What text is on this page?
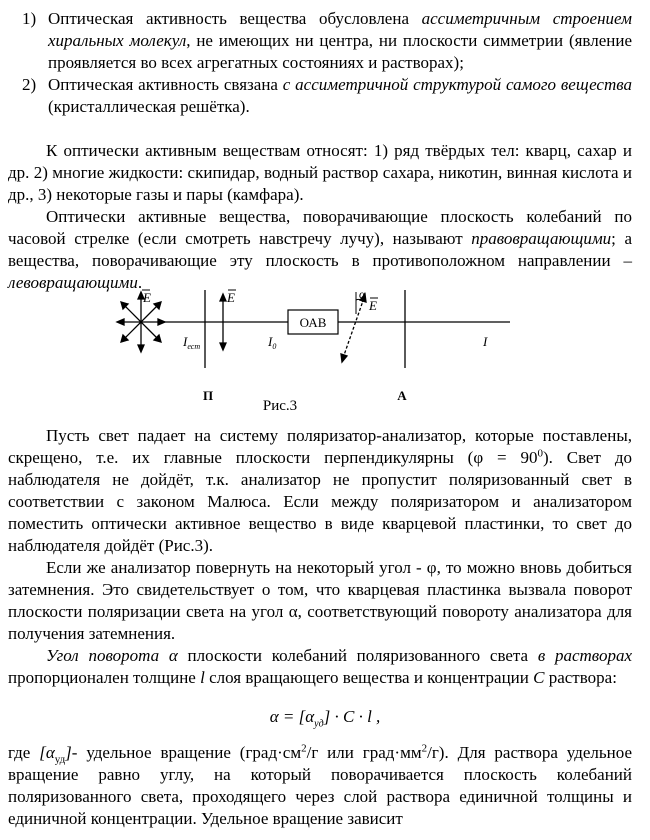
1) Оптическая активность вещества обусловлена ассиметричным строением хиральных молекул, не имеющих ни центра, ни плоскости симметрии (явление проявляется во всех агрегатных состояниях и растворах);
2) Оптическая активность связана с ассиметричной структурой самого вещества (кристаллическая решётка).

К оптически активным веществам относят: 1) ряд твёрдых тел: кварц, сахар и др. 2) многие жидкости: скипидар, водный раствор сахара, никотин, винная кислота и др., 3) некоторые газы и пары (камфара).

Оптически активные вещества, поворачивающие плоскость колебаний по часовой стрелке (если смотреть навстречу лучу), называют правовращающими; а вещества, поворачивающие эту плоскость в противоположном направлении – левовращающими.

E
$I_{ест}$
E
$I_0$
ОАВ
α
E
I
П	А
Рис.3

Пусть свет падает на систему поляризатор-анализатор, которые поставлены, скрещено, т.е. их главные плоскости перпендикулярны $(\varphi = 90^0)$. Свет до наблюдателя не дойдёт, т.к. анализатор не пропустит поляризованный свет в соответствии с законом Малюса. Если между поляризатором и анализатором поместить оптически активное вещество в виде кварцевой пластинки, то свет до наблюдателя дойдёт (Рис.3).

Если же анализатор повернуть на некоторый угол - φ, то можно вновь добиться затемнения. Это свидетельствует о том, что кварцевая пластинка вызвала поворот плоскости поляризации света на угол α, соответствующий повороту анализатора для получения затемнения.

Угол поворота α плоскости колебаний поляризованного света в растворах пропорционален толщине l слоя вращающего вещества и концентрации С раствора:

$\alpha = [\alpha_{уд}] \cdot C \cdot l$ ,

где $[\alpha_{уд}]-$ удельное вращение ($град\cdot см^2/г$ или $град\cdot мм^2/г$). Для раствора удельное вращение равно углу, на который поворачивается плоскость колебаний поляризованного света, проходящего через слой раствора единичной толщины и единичной концентрации. Удельное вращение зависит
